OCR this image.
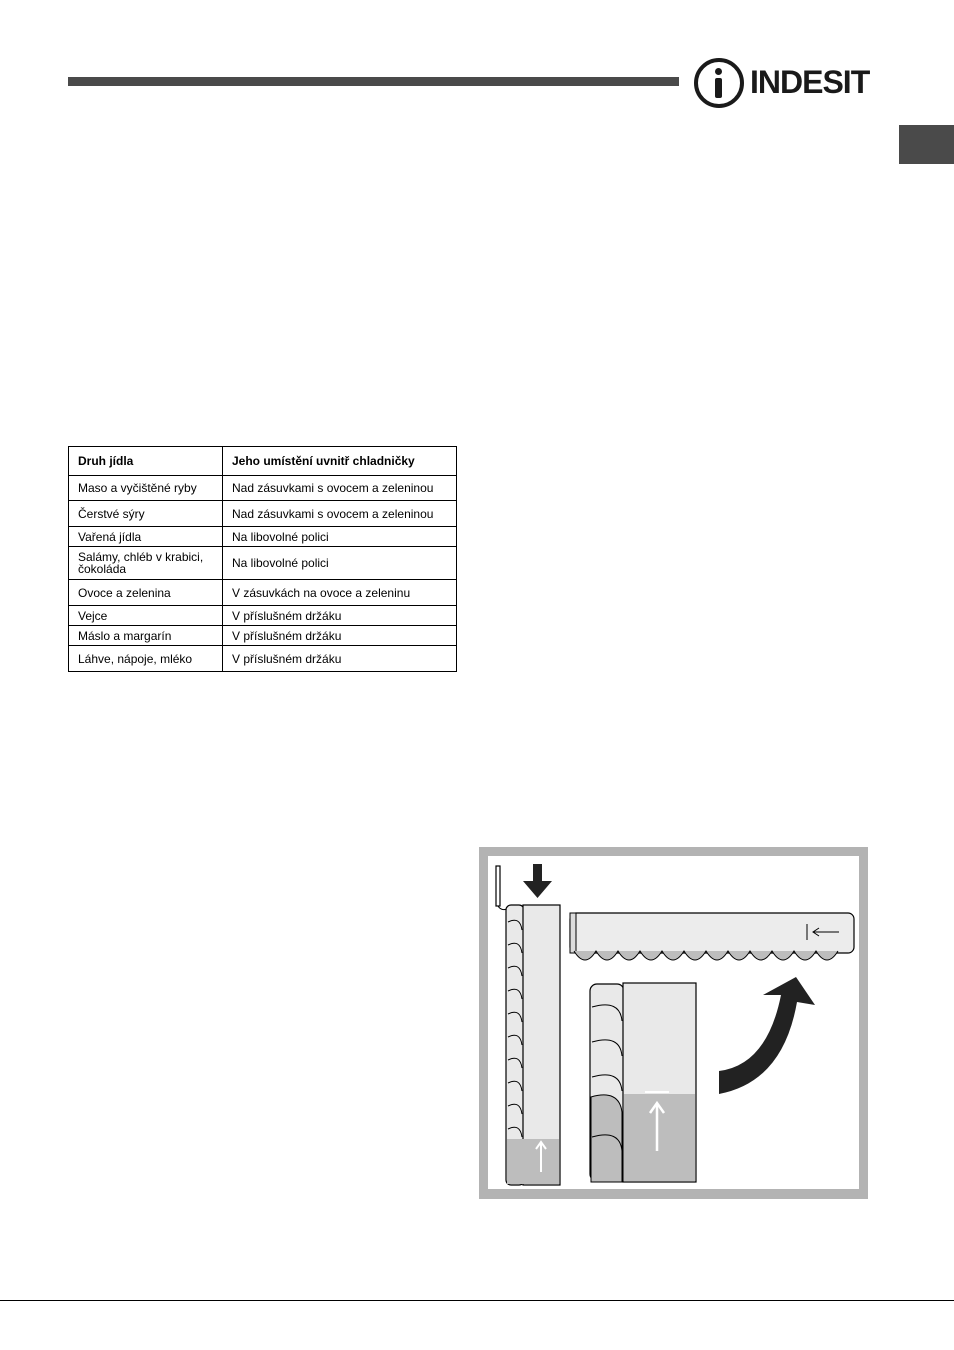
INDESIT
Druh jídla	Jeho umístění uvnitř chladničky
Maso a vyčištěné ryby	Nad zásuvkami s ovocem a zeleninou
Čerstvé sýry	Nad zásuvkami s ovocem a zeleninou
Vařená jídla	Na libovolné polici
Salámy, chléb v krabici, čokoláda	Na libovolné polici
Ovoce a zelenina	V zásuvkách na ovoce a zeleninu
Vejce	V příslušném držáku
Máslo a margarín	V příslušném držáku
Láhve, nápoje, mléko	V příslušném držáku
